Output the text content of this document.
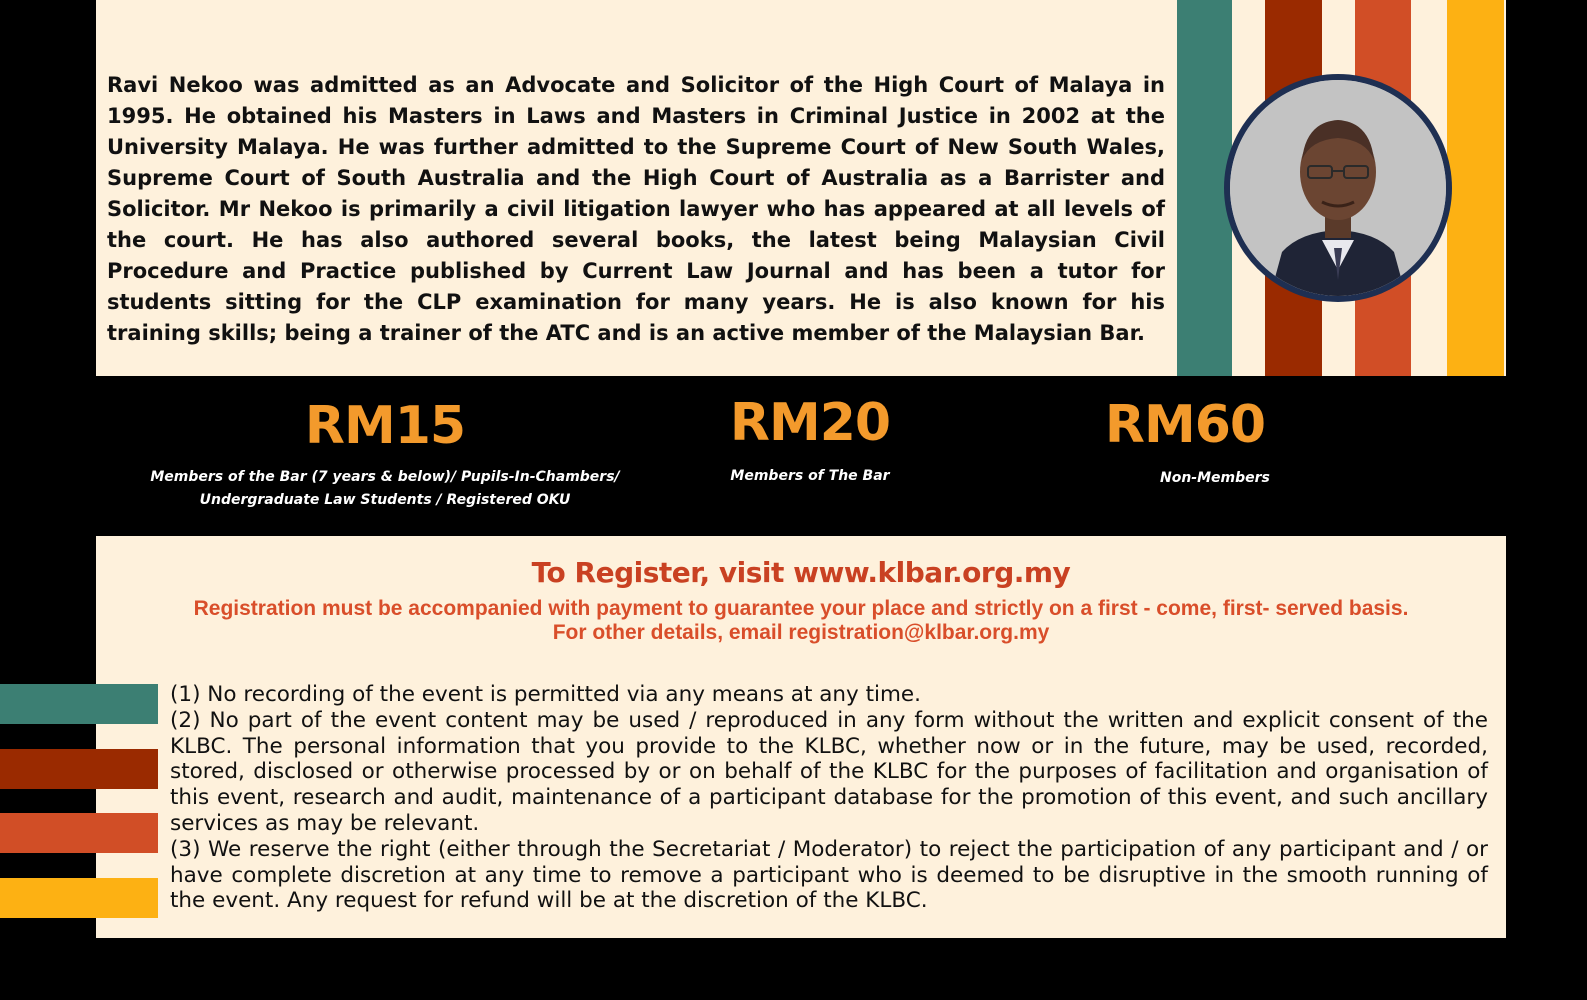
Ravi Nekoo was admitted as an Advocate and Solicitor of the High Court of Malaya in 1995. He obtained his Masters in Laws and Masters in Criminal Justice in 2002 at the University Malaya. He was further admitted to the Supreme Court of New South Wales, Supreme Court of South Australia and the High Court of Australia as a Barrister and Solicitor. Mr Nekoo is primarily a civil litigation lawyer who has appeared at all levels of the court. He has also authored several books, the latest being Malaysian Civil Procedure and Practice published by Current Law Journal and has been a tutor for students sitting for the CLP examination for many years. He is also known for his training skills; being a trainer of the ATC and is an active member of the Malaysian Bar.

RM15
Members of the Bar (7 years & below)/ Pupils-In-Chambers/
Undergraduate Law Students / Registered OKU
RM20
Members of The Bar
RM60
Non-Members
To Register, visit www.klbar.org.my
Registration must be accompanied with payment to guarantee your place and strictly on a first - come, first- served basis.
For other details, email registration@klbar.org.my

(1) No recording of the event is permitted via any means at any time.

(2) No part of the event content may be used / reproduced in any form without the written and explicit consent of the KLBC. The personal information that you provide to the KLBC, whether now or in the future, may be used, recorded, stored, disclosed or otherwise processed by or on behalf of the KLBC for the purposes of facilitation and organisation of this event, research and audit, maintenance of a participant database for the promotion of this event, and such ancillary services as may be relevant.

(3) We reserve the right (either through the Secretariat / Moderator) to reject the participation of any participant and / or have complete discretion at any time to remove a participant who is deemed to be disruptive in the smooth running of the event. Any request for refund will be at the discretion of the KLBC.
